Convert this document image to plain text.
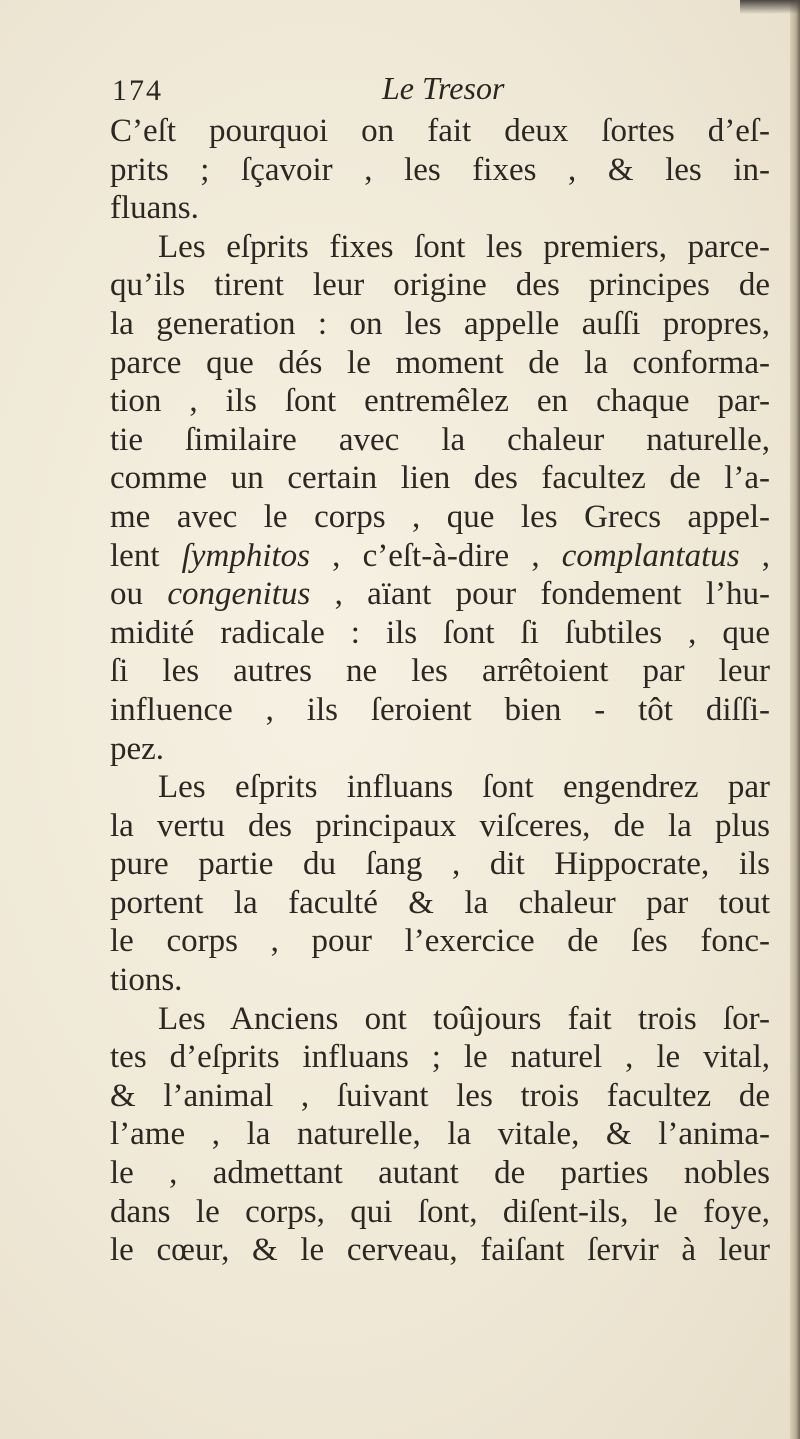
174	Le Tresor
C’eſt pourquoi on fait deux ſortes d’eſ-
prits ; ſçavoir , les fixes , & les in-
fluans.
Les eſprits fixes ſont les premiers, parce-
qu’ils tirent leur origine des principes de
la generation : on les appelle auſſi propres,
parce que dés le moment de la conforma-
tion , ils ſont entremêlez en chaque par-
tie ſimilaire avec la chaleur naturelle,
comme un certain lien des facultez de l’a-
me avec le corps , que les Grecs appel-
lent ſymphitos , c’eſt-à-dire , complantatus ,
ou congenitus , aïant pour fondement l’hu-
midité radicale : ils ſont ſi ſubtiles , que
ſi les autres ne les arrêtoient par leur
influence , ils ſeroient bien - tôt diſſi-
pez.
Les eſprits influans ſont engendrez par
la vertu des principaux viſceres, de la plus
pure partie du ſang , dit Hippocrate, ils
portent la faculté & la chaleur par tout
le corps , pour l’exercice de ſes fonc-
tions.
Les Anciens ont toûjours fait trois ſor-
tes d’eſprits influans ; le naturel , le vital,
& l’animal , ſuivant les trois facultez de
l’ame , la naturelle, la vitale, & l’anima-
le , admettant autant de parties nobles
dans le corps, qui ſont, diſent-ils, le foye,
le cœur, & le cerveau, faiſant ſervir à leur
